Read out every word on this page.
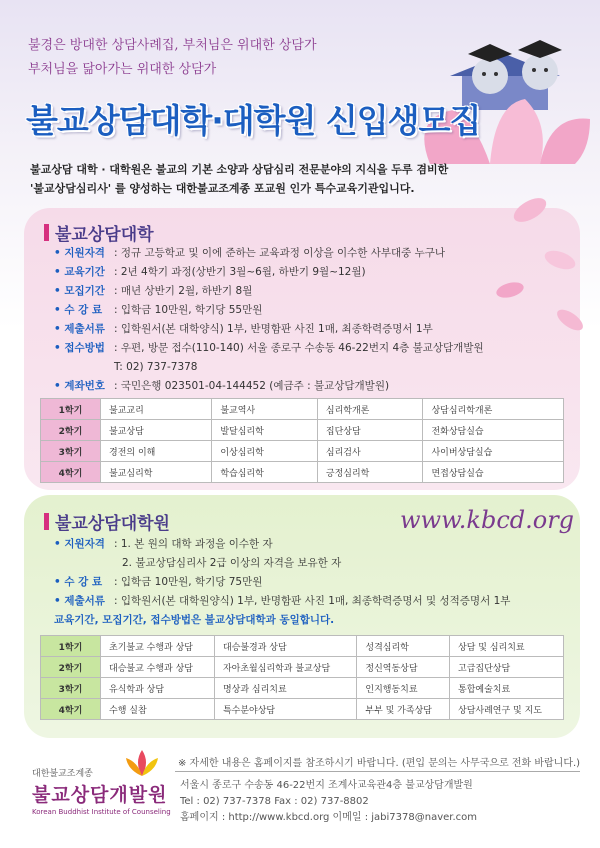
불경은 방대한 상담사례집, 부처님은 위대한 상담가
부처님을 닮아가는 위대한 상담가
불교상담대학·대학원 신입생모집
불교상담 대학 · 대학원은 불교의 기본 소양과 상담심리 전문분야의 지식을 두루 겸비한
'불교상담심리사' 를 양성하는 대한불교조계종 포교원 인가 특수교육기관입니다.
불교상담대학
• 지원자격 : 정규 고등학교 및 이에 준하는 교육과정 이상을 이수한 사부대중 누구나
• 교육기간 : 2년 4학기 과정(상반기 3월~6월, 하반기 9월~12월)
• 모집기간 : 매년 상반기 2월, 하반기 8월
• 수 강 료	: 입학금 10만원, 학기당 55만원
• 제출서류 : 입학원서(본 대학양식) 1부, 반명함판 사진 1매, 최종학력증명서 1부
• 접수방법 : 우편, 방문 접수(110-140) 서울 종로구 수송동 46-22번지 4층 불교상담개발원
T: 02) 737-7378
• 계좌번호 : 국민은행 023501-04-144452 (예금주 : 불교상담개발원)
1학기	불교교리	불교역사	심리학개론	상담심리학개론
2학기	불교상담	발달심리학	집단상담	전화상담실습
3학기	경전의 이해	이상심리학	심리검사	사이버상담실습
4학기	불교심리학	학습심리학	긍정심리학	면접상담실습
불교상담대학원
• 지원자격 : 1. 본 원의 대학 과정을 이수한 자
2. 불교상담심리사 2급 이상의 자격을 보유한 자
• 수 강 료	: 입학금 10만원, 학기당 75만원
• 제출서류 : 입학원서(본 대학원양식) 1부, 반명함판 사진 1매, 최종학력증명서 및 성적증명서 1부
교육기간, 모집기간, 접수방법은 불교상담대학과 동일합니다.
1학기	초기불교 수행과 상담	대승불경과 상담	성격심리학	상담 및 심리치료
2학기	대승불교 수행과 상담	자아초월심리학과 불교상담	정신역동상담	고급집단상담
3학기	유식학과 상담	명상과 심리치료	인지행동치료	통합예술치료
4학기	수행 실참	특수분야상담	부부 및 가족상담	상담사례연구 및 지도
www.kbcd.org
대한불교조계종
불교상담개발원
Korean Buddhist Institute of Counseling
※ 자세한 내용은 홈페이지를 참조하시기 바랍니다. (편입 문의는 사무국으로 전화 바랍니다.)
서울시 종로구 수송동 46-22번지 조계사교육관4층 불교상담개발원
Tel : 02) 737-7378 Fax : 02) 737-8802
홈페이지 : http://www.kbcd.org 이메일 : jabi7378@naver.com
